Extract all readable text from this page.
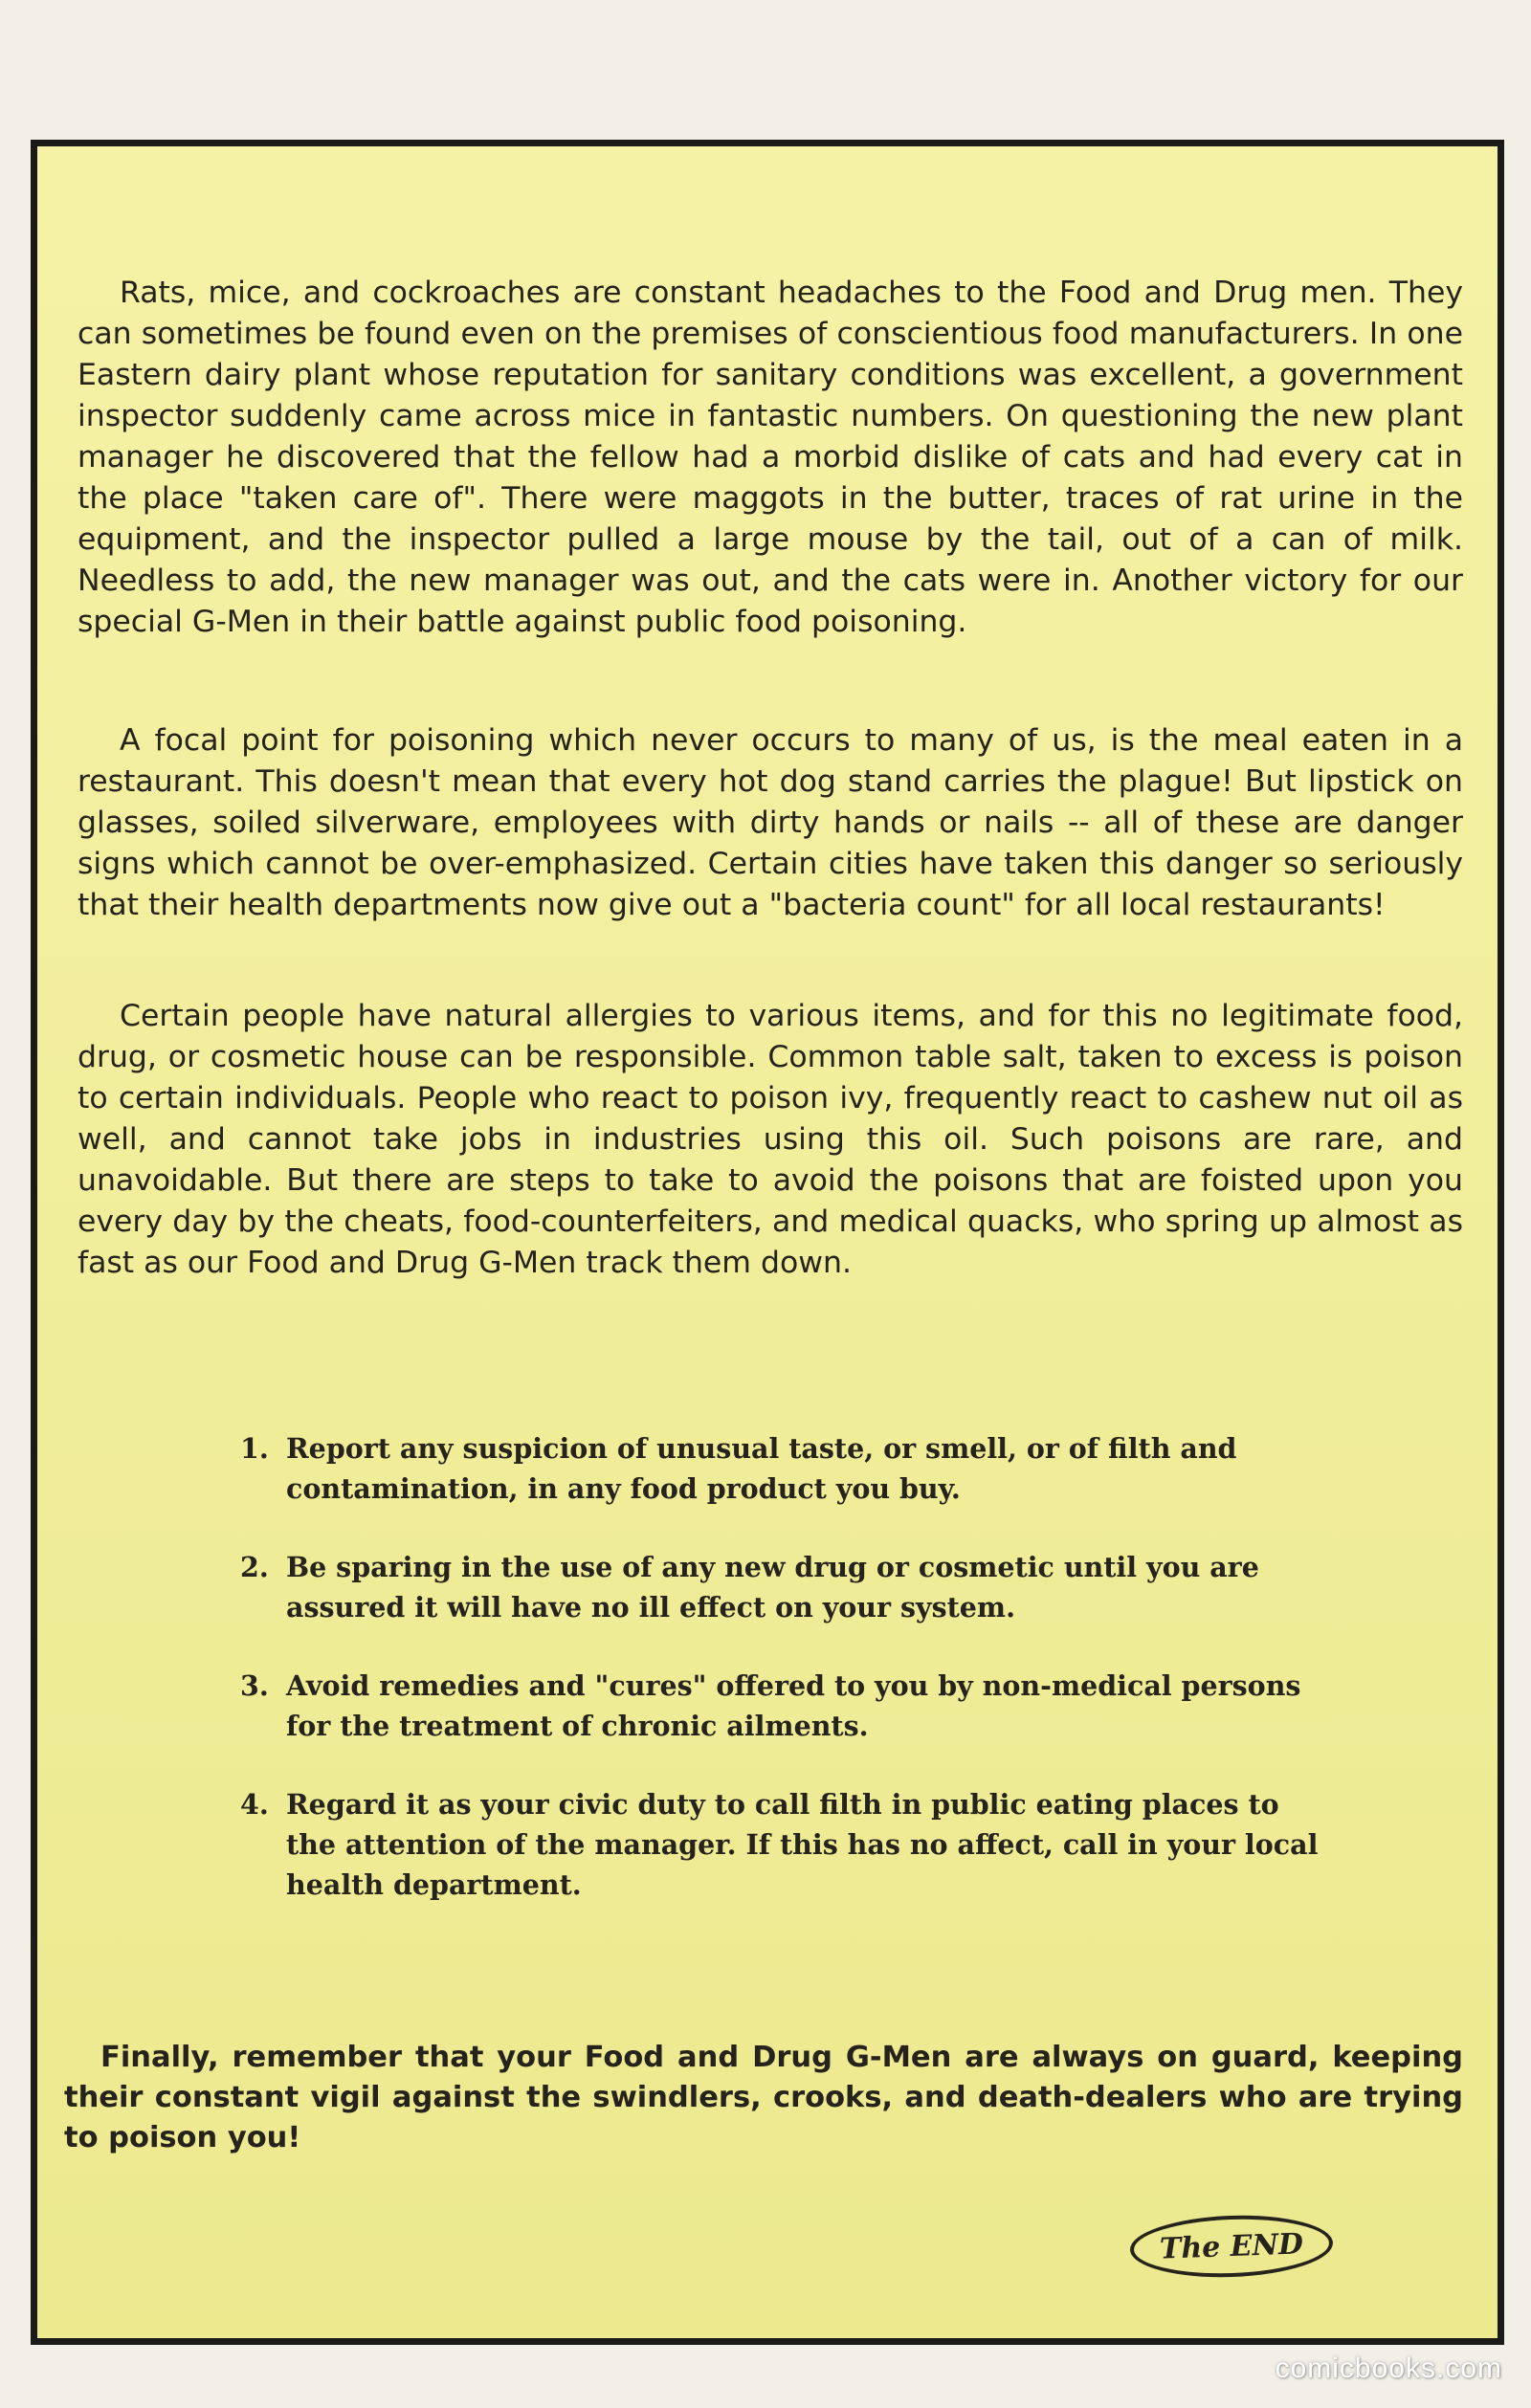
Rats, mice, and cockroaches are constant headaches to the Food and Drug men. They can sometimes be found even on the premises of conscientious food manufacturers. In one Eastern dairy plant whose reputation for sanitary conditions was excellent, a government inspector suddenly came across mice in fantastic numbers. On questioning the new plant manager he discovered that the fellow had a morbid dislike of cats and had every cat in the place "taken care of". There were maggots in the butter, traces of rat urine in the equipment, and the inspector pulled a large mouse by the tail, out of a can of milk. Needless to add, the new manager was out, and the cats were in. Another victory for our special G-Men in their battle against public food poisoning.

A focal point for poisoning which never occurs to many of us, is the meal eaten in a restaurant. This doesn't mean that every hot dog stand carries the plague! But lipstick on glasses, soiled silverware, employees with dirty hands or nails -- all of these are danger signs which cannot be over-emphasized. Certain cities have taken this danger so seriously that their health departments now give out a "bacteria count" for all local restaurants!

Certain people have natural allergies to various items, and for this no legitimate food, drug, or cosmetic house can be responsible. Common table salt, taken to excess is poison to certain individuals. People who react to poison ivy, frequently react to cashew nut oil as well, and cannot take jobs in industries using this oil. Such poisons are rare, and unavoidable. But there are steps to take to avoid the poisons that are foisted upon you every day by the cheats, food-counterfeiters, and medical quacks, who spring up almost as fast as our Food and Drug G-Men track them down.

1. Report any suspicion of unusual taste, or smell, or of filth and contamination, in any food product you buy.
2. Be sparing in the use of any new drug or cosmetic until you are assured it will have no ill effect on your system.
3. Avoid remedies and "cures" offered to you by non-medical persons for the treatment of chronic ailments.
4. Regard it as your civic duty to call filth in public eating places to the attention of the manager. If this has no affect, call in your local health department.

Finally, remember that your Food and Drug G-Men are always on guard, keeping their constant vigil against the swindlers, crooks, and death-dealers who are trying to poison you!

The END
comicbooks.com
